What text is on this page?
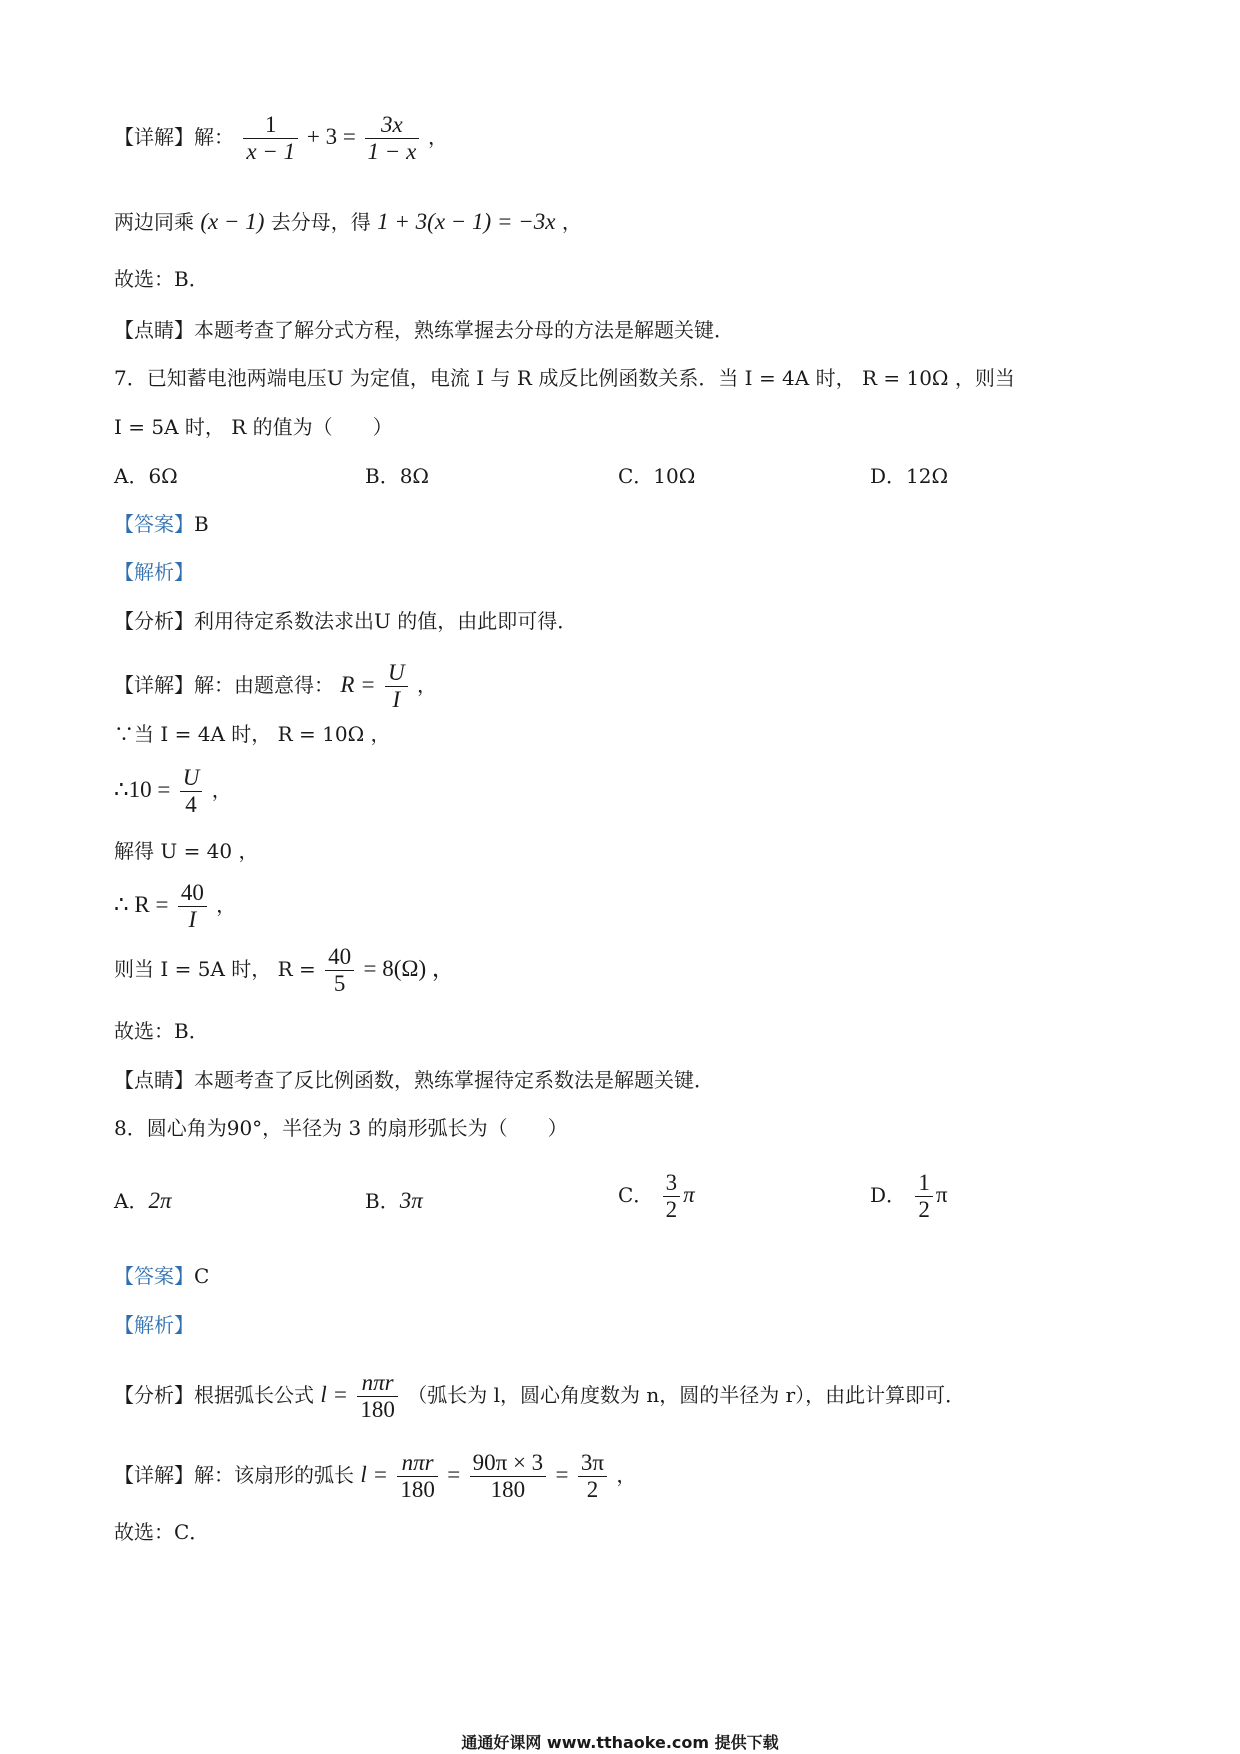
【详解】解： $\frac{1}{x - 1} + 3 = \frac{3x}{1 - x}$ ，
两边同乘 (x − 1) 去分母，得 1 + 3(x − 1) = −3x ，
故选：B．
【点睛】本题考查了解分式方程，熟练掌握去分母的方法是解题关键．
7．已知蓄电池两端电压U 为定值，电流 I 与 R 成反比例函数关系．当 I = 4A 时， R = 10Ω ，则当
I = 5A 时， R 的值为（　　）
A．6Ω	B．8Ω	C．10Ω	D．12Ω
【答案】B
【解析】
【分析】利用待定系数法求出U 的值，由此即可得．
【详解】解：由题意得： $R = \frac{U}{I}$ ，
∵当 I = 4A 时， R = 10Ω ，
∴10 = $\frac{U}{4}$ ，
解得 U = 40 ，
∴ $R = \frac{40}{I}$ ，
则当 I = 5A 时， $R = \frac{40}{5} = 8(\Omega)$ ，
故选：B．
【点睛】本题考查了反比例函数，熟练掌握待定系数法是解题关键．
8．圆心角为90°，半径为 3 的扇形弧长为（　　）
A．2π	B．3π	C． $\frac{3}{2}$ π	D． $\frac{1}{2}$ π
【答案】C
【解析】
【分析】根据弧长公式 $l = \frac{\text{nπr}}{180}$ （弧长为 l，圆心角度数为 n，圆的半径为 r），由此计算即可．
【详解】解：该扇形的弧长 $l = \frac{\text{nπr}}{180} = \frac{90\pi \times 3}{180} = \frac{3\pi}{2}$ ，
故选：C．
通通好课网 www.tthaoke.com 提供下载
